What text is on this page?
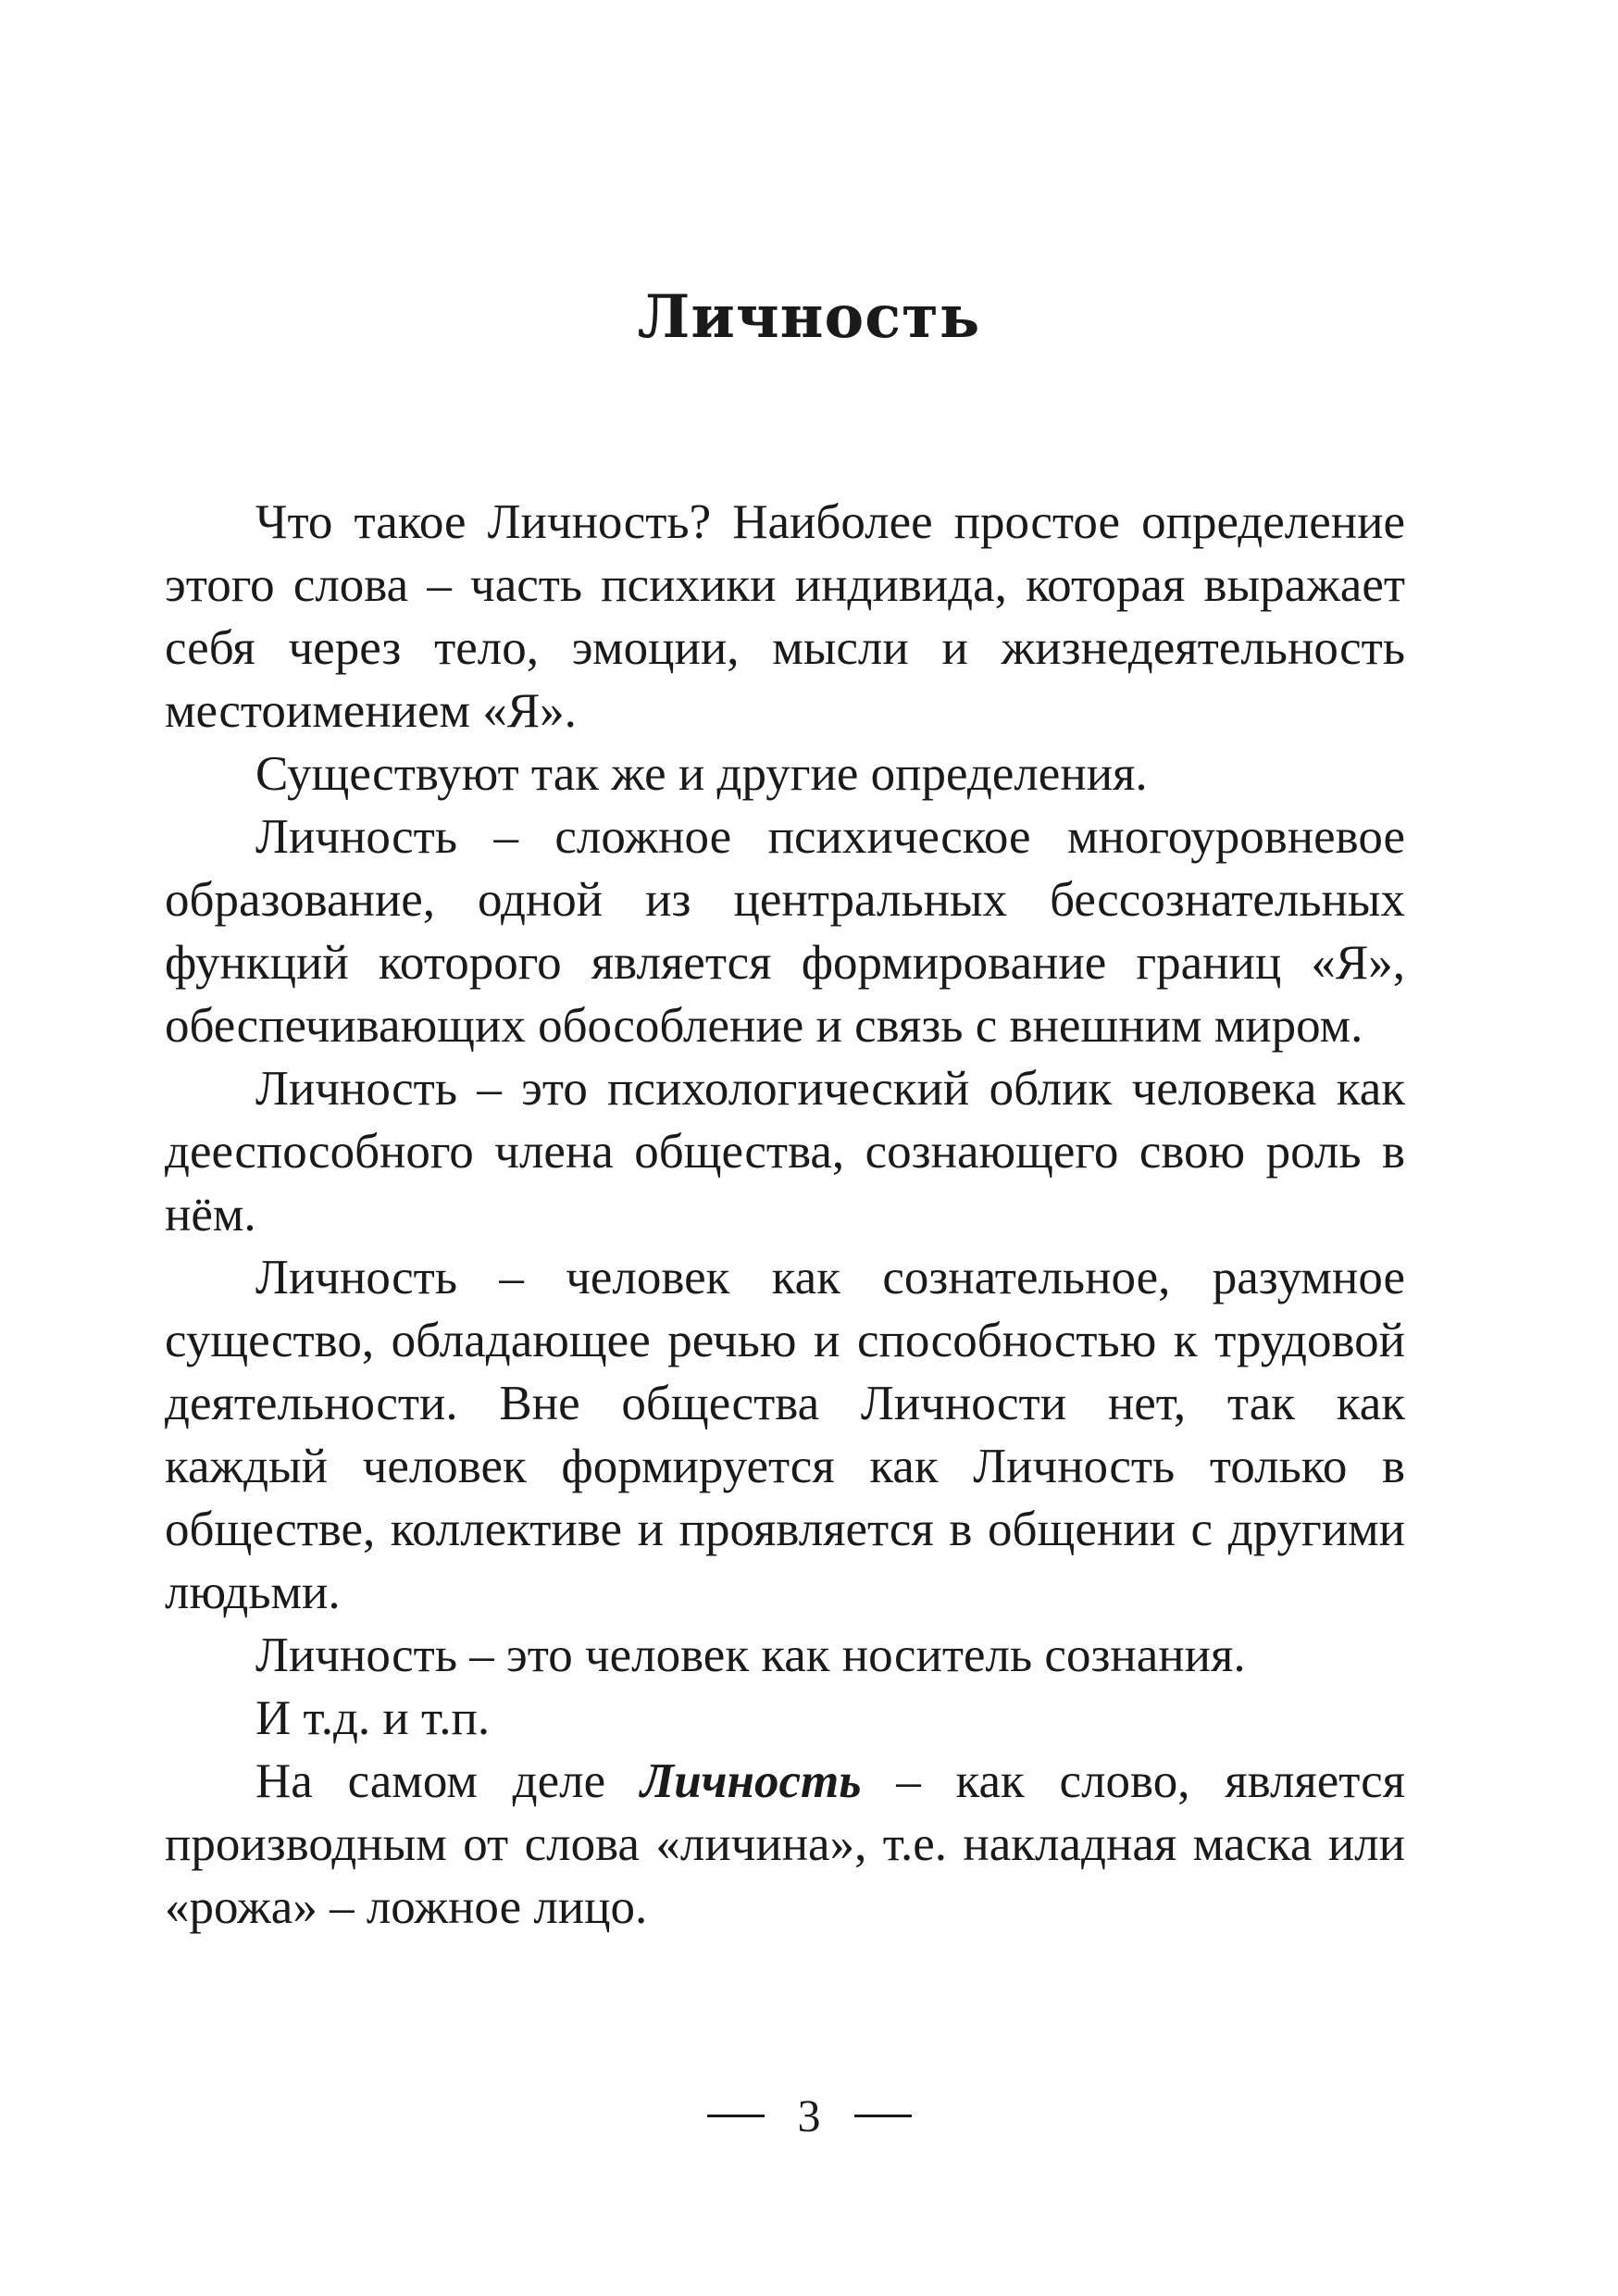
Личность

Что такое Личность? Наиболее простое определение этого слова – часть психики индивида, которая выражает себя через тело, эмоции, мысли и жизнедеятельность местоимением «Я».

Существуют так же и другие определения.

Личность – сложное психическое многоуровневое образование, одной из центральных бессознательных функций которого является формирование границ «Я», обеспечивающих обособление и связь с внешним миром.

Личность – это психологический облик человека как дееспособного члена общества, сознающего свою роль в нём.

Личность – человек как сознательное, разумное существо, обладающее речью и способностью к трудовой деятельности. Вне общества Личности нет, так как каждый человек формируется как Личность только в обществе, коллективе и проявляется в общении с другими людьми.

Личность – это человек как носитель сознания.

И т.д. и т.п.

На самом деле Личность – как слово, является производным от слова «личина», т.е. накладная маска или «рожа» – ложное лицо.

3
